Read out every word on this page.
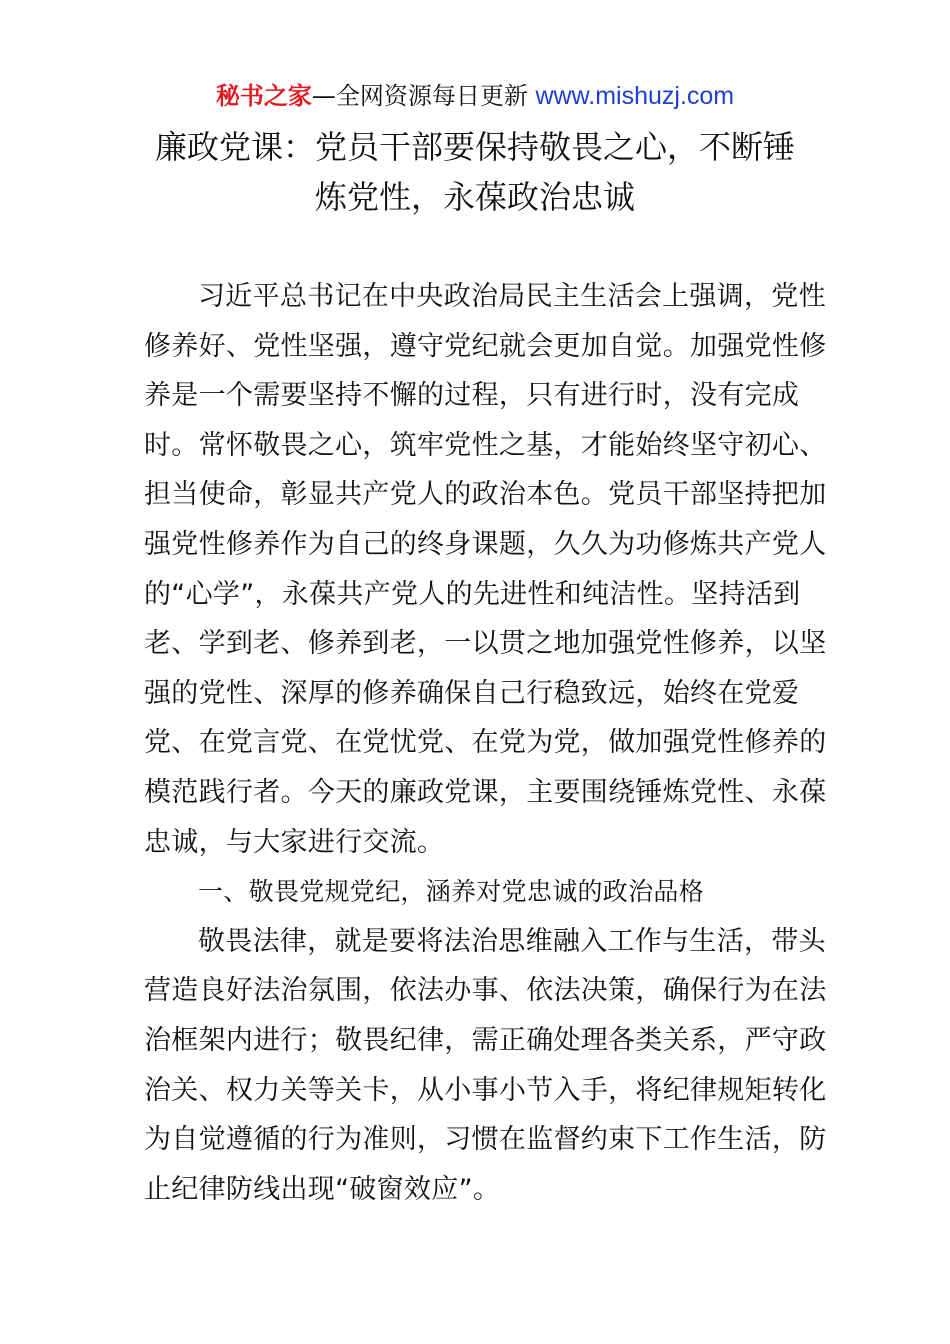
秘书之家—全网资源每日更新 www.mishuzj.com
廉政党课：党员干部要保持敬畏之心，不断锤
炼党性，永葆政治忠诚
习近平总书记在中央政治局民主生活会上强调，党性
修养好、党性坚强，遵守党纪就会更加自觉。加强党性修
养是一个需要坚持不懈的过程，只有进行时，没有完成
时。常怀敬畏之心，筑牢党性之基，才能始终坚守初心、
担当使命，彰显共产党人的政治本色。党员干部坚持把加
强党性修养作为自己的终身课题，久久为功修炼共产党人
的“心学”，永葆共产党人的先进性和纯洁性。坚持活到
老、学到老、修养到老，一以贯之地加强党性修养，以坚
强的党性、深厚的修养确保自己行稳致远，始终在党爱
党、在党言党、在党忧党、在党为党，做加强党性修养的
模范践行者。今天的廉政党课，主要围绕锤炼党性、永葆
忠诚，与大家进行交流。
一、敬畏党规党纪，涵养对党忠诚的政治品格
敬畏法律，就是要将法治思维融入工作与生活，带头
营造良好法治氛围，依法办事、依法决策，确保行为在法
治框架内进行；敬畏纪律，需正确处理各类关系，严守政
治关、权力关等关卡，从小事小节入手，将纪律规矩转化
为自觉遵循的行为准则，习惯在监督约束下工作生活，防
止纪律防线出现“破窗效应”。
